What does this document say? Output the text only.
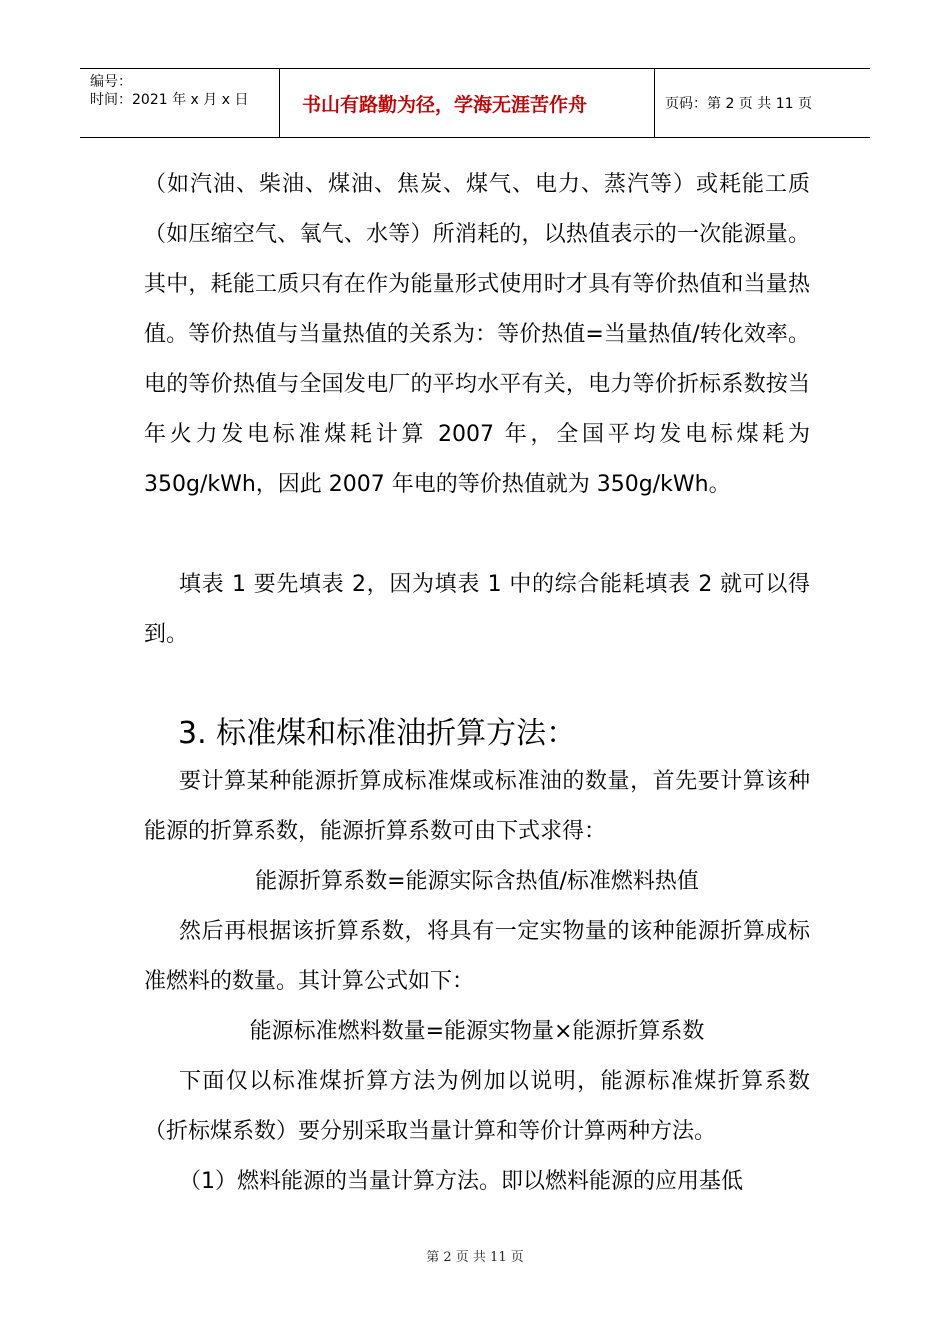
编号：
时间：2021 年 x 月 x 日	书山有路勤为径，学海无涯苦作舟	页码：第 2 页 共 11 页

（如汽油、柴油、煤油、焦炭、煤气、电力、蒸汽等）或耗能工质（如压缩空气、氧气、水等）所消耗的，以热值表示的一次能源量。其中，耗能工质只有在作为能量形式使用时才具有等价热值和当量热值。等价热值与当量热值的关系为：等价热值=当量热值/转化效率。电的等价热值与全国发电厂的平均水平有关，电力等价折标系数按当年火力发电标准煤耗计算 2007 年，全国平均发电标煤耗为 350g/kWh，因此 2007 年电的等价热值就为 350g/kWh。

填表 1 要先填表 2，因为填表 1 中的综合能耗填表 2 就可以得到。

3. 标准煤和标准油折算方法：

要计算某种能源折算成标准煤或标准油的数量，首先要计算该种能源的折算系数，能源折算系数可由下式求得：

能源折算系数=能源实际含热值/标准燃料热值

然后再根据该折算系数，将具有一定实物量的该种能源折算成标准燃料的数量。其计算公式如下：

能源标准燃料数量=能源实物量×能源折算系数

下面仅以标准煤折算方法为例加以说明，能源标准煤折算系数（折标煤系数）要分别采取当量计算和等价计算两种方法。

（1）燃料能源的当量计算方法。即以燃料能源的应用基低

第 2 页 共 11 页
